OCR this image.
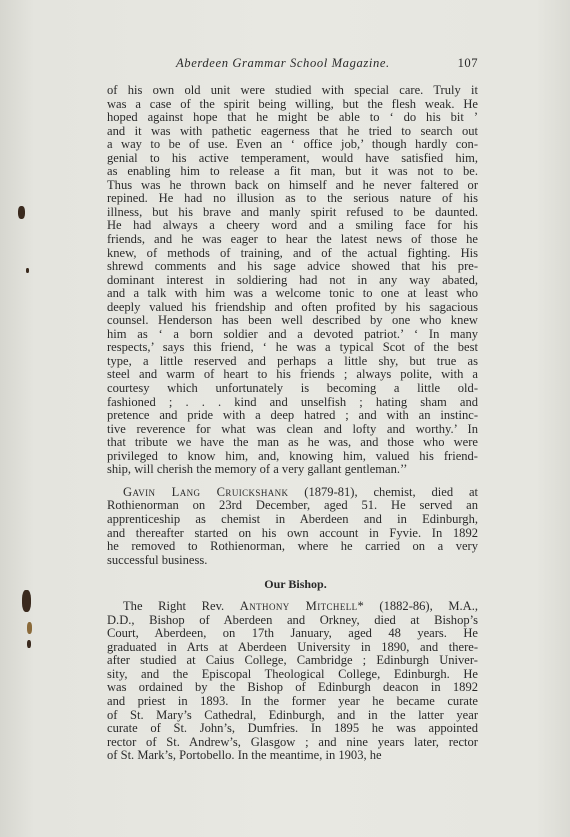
Aberdeen Grammar School Magazine.	107
of his own old unit were studied with special care. Truly it
was a case of the spirit being willing, but the flesh weak. He
hoped against hope that he might be able to ‘ do his bit ’
and it was with pathetic eagerness that he tried to search out
a way to be of use. Even an ‘ office job,’ though hardly con-
genial to his active temperament, would have satisfied him,
as enabling him to release a fit man, but it was not to be.
Thus was he thrown back on himself and he never faltered or
repined. He had no illusion as to the serious nature of his
illness, but his brave and manly spirit refused to be daunted.
He had always a cheery word and a smiling face for his
friends, and he was eager to hear the latest news of those he
knew, of methods of training, and of the actual fighting. His
shrewd comments and his sage advice showed that his pre-
dominant interest in soldiering had not in any way abated,
and a talk with him was a welcome tonic to one at least who
deeply valued his friendship and often profited by his sagacious
counsel. Henderson has been well described by one who knew
him as ‘ a born soldier and a devoted patriot.’ ‘ In many
respects,’ says this friend, ‘ he was a typical Scot of the best
type, a little reserved and perhaps a little shy, but true as
steel and warm of heart to his friends ; always polite, with a
courtesy which unfortunately is becoming a little old-
fashioned ; . . . kind and unselfish ; hating sham and
pretence and pride with a deep hatred ; and with an instinc-
tive reverence for what was clean and lofty and worthy.’ In
that tribute we have the man as he was, and those who were
privileged to know him, and, knowing him, valued his friend-
ship, will cherish the memory of a very gallant gentleman.’’
Gavin Lang Cruickshank (1879-81), chemist, died at
Rothienorman on 23rd December, aged 51. He served an
apprenticeship as chemist in Aberdeen and in Edinburgh,
and thereafter started on his own account in Fyvie. In 1892
he removed to Rothienorman, where he carried on a very
successful business.
Our Bishop.
The Right Rev. Anthony Mitchell* (1882-86), M.A.,
D.D., Bishop of Aberdeen and Orkney, died at Bishop’s
Court, Aberdeen, on 17th January, aged 48 years. He
graduated in Arts at Aberdeen University in 1890, and there-
after studied at Caius College, Cambridge ; Edinburgh Univer-
sity, and the Episcopal Theological College, Edinburgh. He
was ordained by the Bishop of Edinburgh deacon in 1892
and priest in 1893. In the former year he became curate
of St. Mary’s Cathedral, Edinburgh, and in the latter year
curate of St. John’s, Dumfries. In 1895 he was appointed
rector of St. Andrew’s, Glasgow ; and nine years later, rector
of St. Mark’s, Portobello. In the meantime, in 1903, he
